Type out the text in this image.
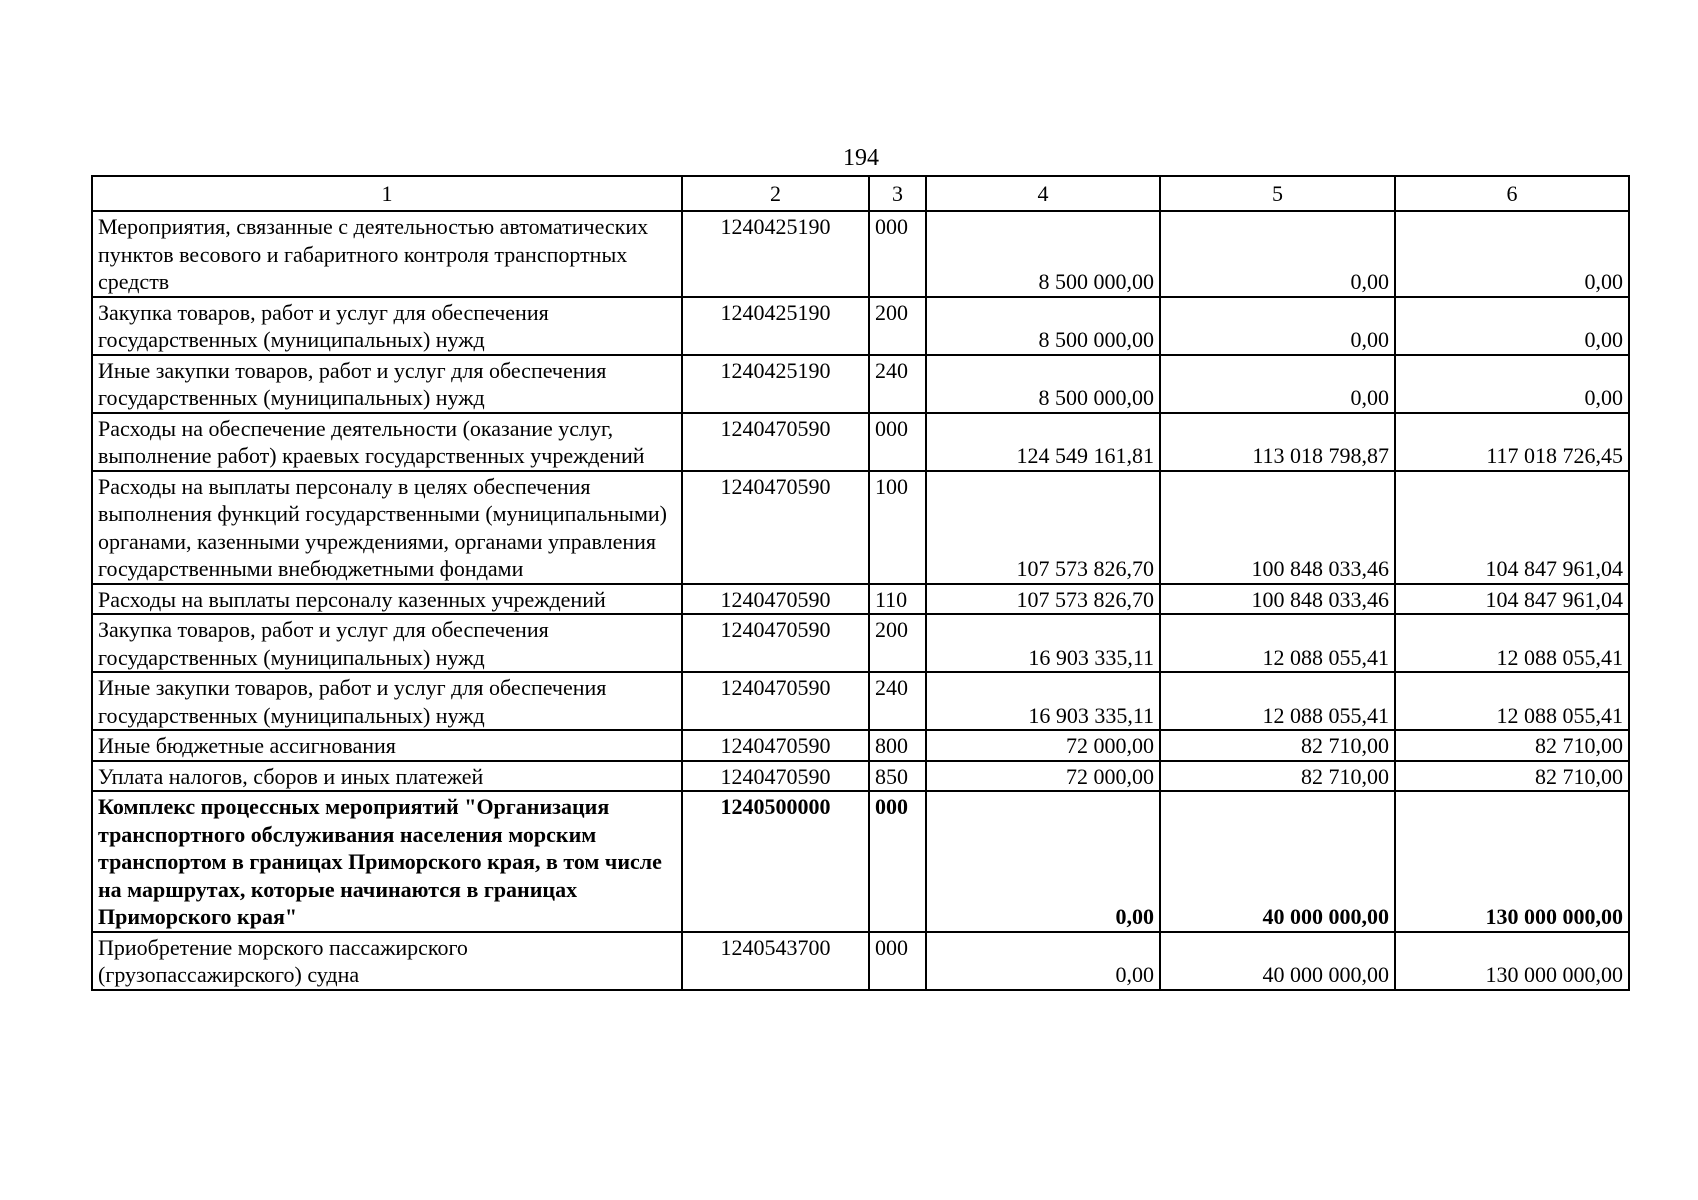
194
1	2	3	4	5	6
Мероприятия, связанные с деятельностью автоматических пунктов весового и габаритного контроля транспортных средств	1240425190	000	8 500 000,00	0,00	0,00
Закупка товаров, работ и услуг для обеспечения государственных (муниципальных) нужд	1240425190	200	8 500 000,00	0,00	0,00
Иные закупки товаров, работ и услуг для обеспечения государственных (муниципальных) нужд	1240425190	240	8 500 000,00	0,00	0,00
Расходы на обеспечение деятельности (оказание услуг, выполнение работ) краевых государственных учреждений	1240470590	000	124 549 161,81	113 018 798,87	117 018 726,45
Расходы на выплаты персоналу в целях обеспечения выполнения функций государственными (муниципальными) органами, казенными учреждениями, органами управления государственными внебюджетными фондами	1240470590	100	107 573 826,70	100 848 033,46	104 847 961,04
Расходы на выплаты персоналу казенных учреждений	1240470590	110	107 573 826,70	100 848 033,46	104 847 961,04
Закупка товаров, работ и услуг для обеспечения государственных (муниципальных) нужд	1240470590	200	16 903 335,11	12 088 055,41	12 088 055,41
Иные закупки товаров, работ и услуг для обеспечения государственных (муниципальных) нужд	1240470590	240	16 903 335,11	12 088 055,41	12 088 055,41
Иные бюджетные ассигнования	1240470590	800	72 000,00	82 710,00	82 710,00
Уплата налогов, сборов и иных платежей	1240470590	850	72 000,00	82 710,00	82 710,00
Комплекс процессных мероприятий "Организация транспортного обслуживания населения морским транспортом в границах Приморского края, в том числе на маршрутах, которые начинаются в границах Приморского края"	1240500000	000	0,00	40 000 000,00	130 000 000,00
Приобретение морского пассажирского (грузопассажирского) судна	1240543700	000	0,00	40 000 000,00	130 000 000,00
